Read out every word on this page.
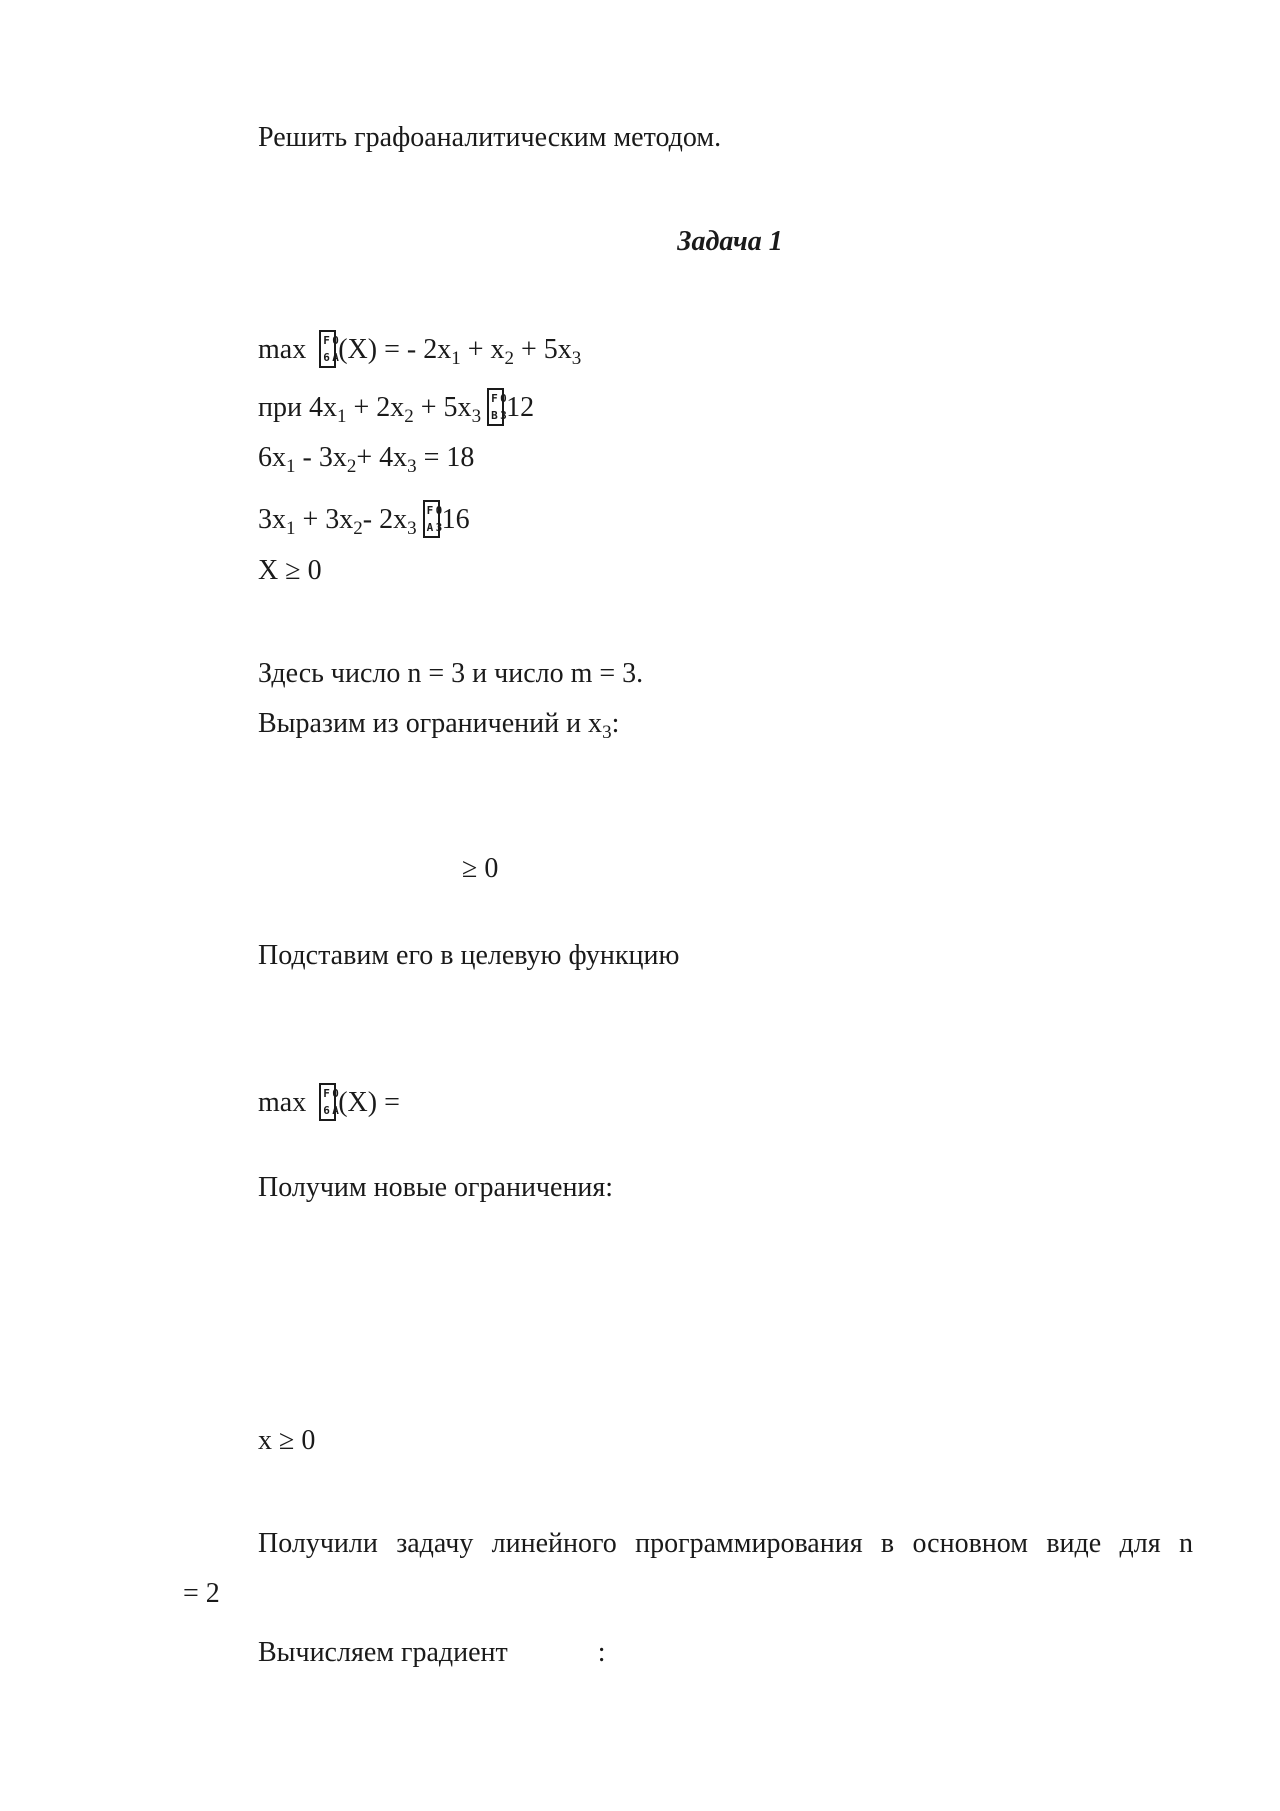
Решить графоаналитическим методом.
Задача 1
max F 0
6 A (X) = - $2x_1 + x_2 + 5x_3$
при $4x_1 + 2x_2 + 5x_3$
F 0
B 3 12
$6x_1 - 3x_2+ 4x_3 = 18$
$3x_1 + 3x_2-$ $2x_3$
F 0
A 3 16
X ≥ 0
Здесь число n = 3 и число m = 3.
Выразим из ограничений и $x_3$:
≥ 0
Подставим его в целевую функцию
max F 0
6 A (X) =
Получим новые ограничения:
x ≥ 0
Получили задачу линейного программирования в основном виде для n
= 2
Вычисляем градиент	:
